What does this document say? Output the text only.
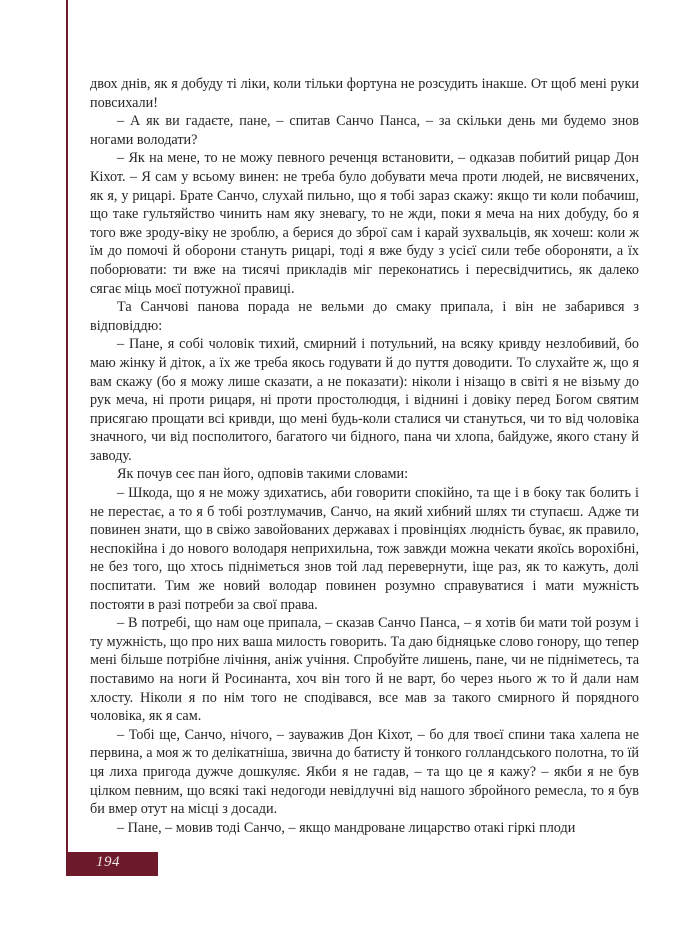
двох днів, як я добуду ті ліки, коли тільки фортуна не розсудить інакше. От щоб мені руки повсихали!

– А як ви гадаєте, пане, – спитав Санчо Панса, – за скільки день ми будемо знов ногами володати?

– Як на мене, то не можу певного реченця встановити, – одказав побитий рицар Дон Кіхот. – Я сам у всьому винен: не треба було добувати меча проти людей, не висвячених, як я, у рицарі. Брате Санчо, слухай пильно, що я тобі зараз скажу: якщо ти коли побачиш, що таке гультяйство чинить нам яку зневагу, то не жди, поки я меча на них добуду, бо я того вже зроду-віку не зроблю, а берися до зброї сам і карай зухвальців, як хочеш: коли ж їм до помочі й оборони стануть рицарі, тоді я вже буду з усієї сили тебе обороняти, а їх поборювати: ти вже на тисячі прикладів міг переконатись і пересвідчитись, як далеко сягає міць моєї потужної правиці.

Та Санчові панова порада не вельми до смаку припала, і він не забарився з відповіддю:

– Пане, я собі чоловік тихий, смирний і потульний, на всяку кривду незлобивий, бо маю жінку й діток, а їх же треба якось годувати й до пуття доводити. То слухайте ж, що я вам скажу (бо я можу лише сказати, а не показати): ніколи і нізащо в світі я не візьму до рук меча, ні проти рицаря, ні проти простолюдця, і віднині і довіку перед Богом святим присягаю прощати всі кривди, що мені будь-коли сталися чи стануться, чи то від чоловіка значного, чи від посполитого, багатого чи бідного, пана чи хлопа, байдуже, якого стану й заводу.

Як почув сеє пан його, одповів такими словами:

– Шкода, що я не можу здихатись, аби говорити спокійно, та ще і в боку так болить і не перестає, а то я б тобі розтлумачив, Санчо, на який хибний шлях ти ступаєш. Адже ти повинен знати, що в свіжо завойованих державах і провінціях людність буває, як правило, неспокійна і до нового володаря неприхильна, тож завжди можна чекати якоїсь ворохібні, не без того, що хтось підніметься знов той лад перевернути, іще раз, як то кажуть, долі поспитати. Тим же новий володар повинен розумно справуватися і мати мужність постояти в разі потреби за свої права.

– В потребі, що нам оце припала, – сказав Санчо Панса, – я хотів би мати той розум і ту мужність, що про них ваша милость говорить. Та даю бідняцьке слово гонору, що тепер мені більше потрібне лічіння, аніж учіння. Спробуйте лишень, пане, чи не підніметесь, та поставимо на ноги й Росинанта, хоч він того й не варт, бо через нього ж то й дали нам хлосту. Ніколи я по нім того не сподівався, все мав за такого смирного й порядного чоловіка, як я сам.

– Тобі ще, Санчо, нічого, – зауважив Дон Кіхот, – бо для твоєї спини така халепа не первина, а моя ж то делікатніша, звична до батисту й тонкого голландського полотна, то їй ця лиха пригода дужче дошкуляє. Якби я не гадав, – та що це я кажу? – якби я не був цілком певним, що всякі такі недогоди невідлучні від нашого збройного ремесла, то я був би вмер отут на місці з досади.

– Пане, – мовив тоді Санчо, – якщо мандроване лицарство отакі гіркі плоди

194
